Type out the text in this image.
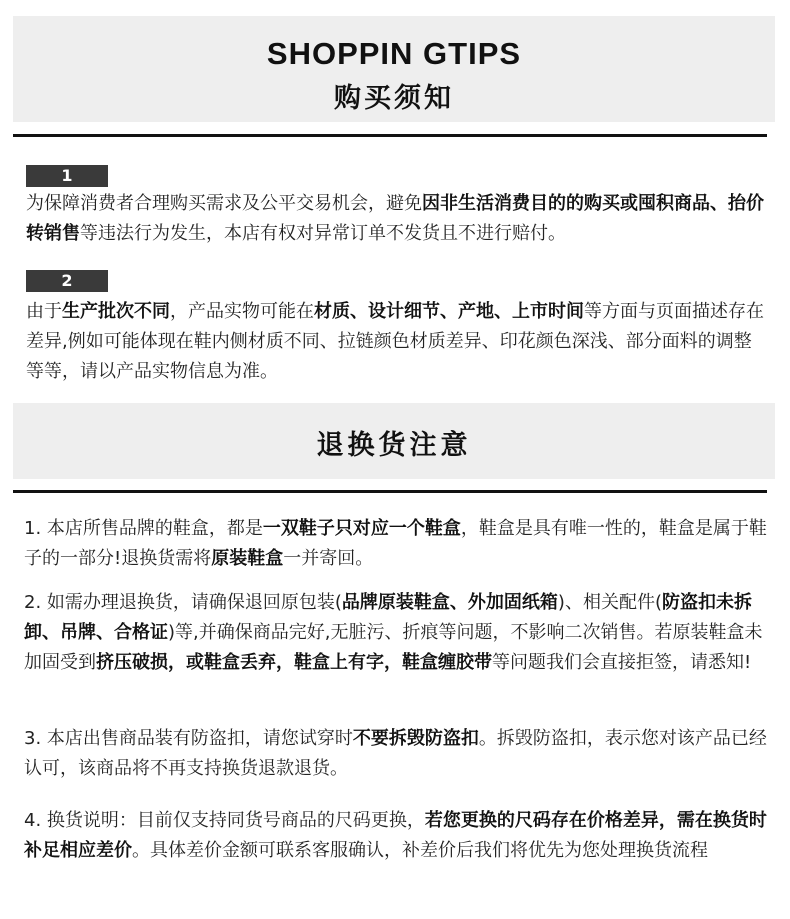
SHOPPIN GTIPS
购买须知
1
为保障消费者合理购买需求及公平交易机会，避免因非生活消费目的的购买或囤积商品、抬价转销售等违法行为发生，本店有权对异常订单不发货且不进行赔付。
2
由于生产批次不同，产品实物可能在材质、设计细节、产地、上市时间等方面与页面描述存在差异,例如可能体现在鞋内侧材质不同、拉链颜色材质差异、印花颜色深浅、部分面料的调整等等，请以产品实物信息为准。
退换货注意
1. 本店所售品牌的鞋盒，都是一双鞋子只对应一个鞋盒，鞋盒是具有唯一性的，鞋盒是属于鞋子的一部分!退换货需将原装鞋盒一并寄回。
2. 如需办理退换货，请确保退回原包装(品牌原装鞋盒、外加固纸箱)、相关配件(防盗扣未拆卸、吊牌、合格证)等,并确保商品完好,无脏污、折痕等问题，不影响二次销售。若原装鞋盒未加固受到挤压破损，或鞋盒丢弃，鞋盒上有字，鞋盒缠胶带等问题我们会直接拒签，请悉知!
3. 本店出售商品装有防盗扣，请您试穿时不要拆毁防盗扣。拆毁防盗扣，表示您对该产品已经认可，该商品将不再支持换货退款退货。
4. 换货说明：目前仅支持同货号商品的尺码更换，若您更换的尺码存在价格差异，需在换货时补足相应差价。具体差价金额可联系客服确认，补差价后我们将优先为您处理换货流程
